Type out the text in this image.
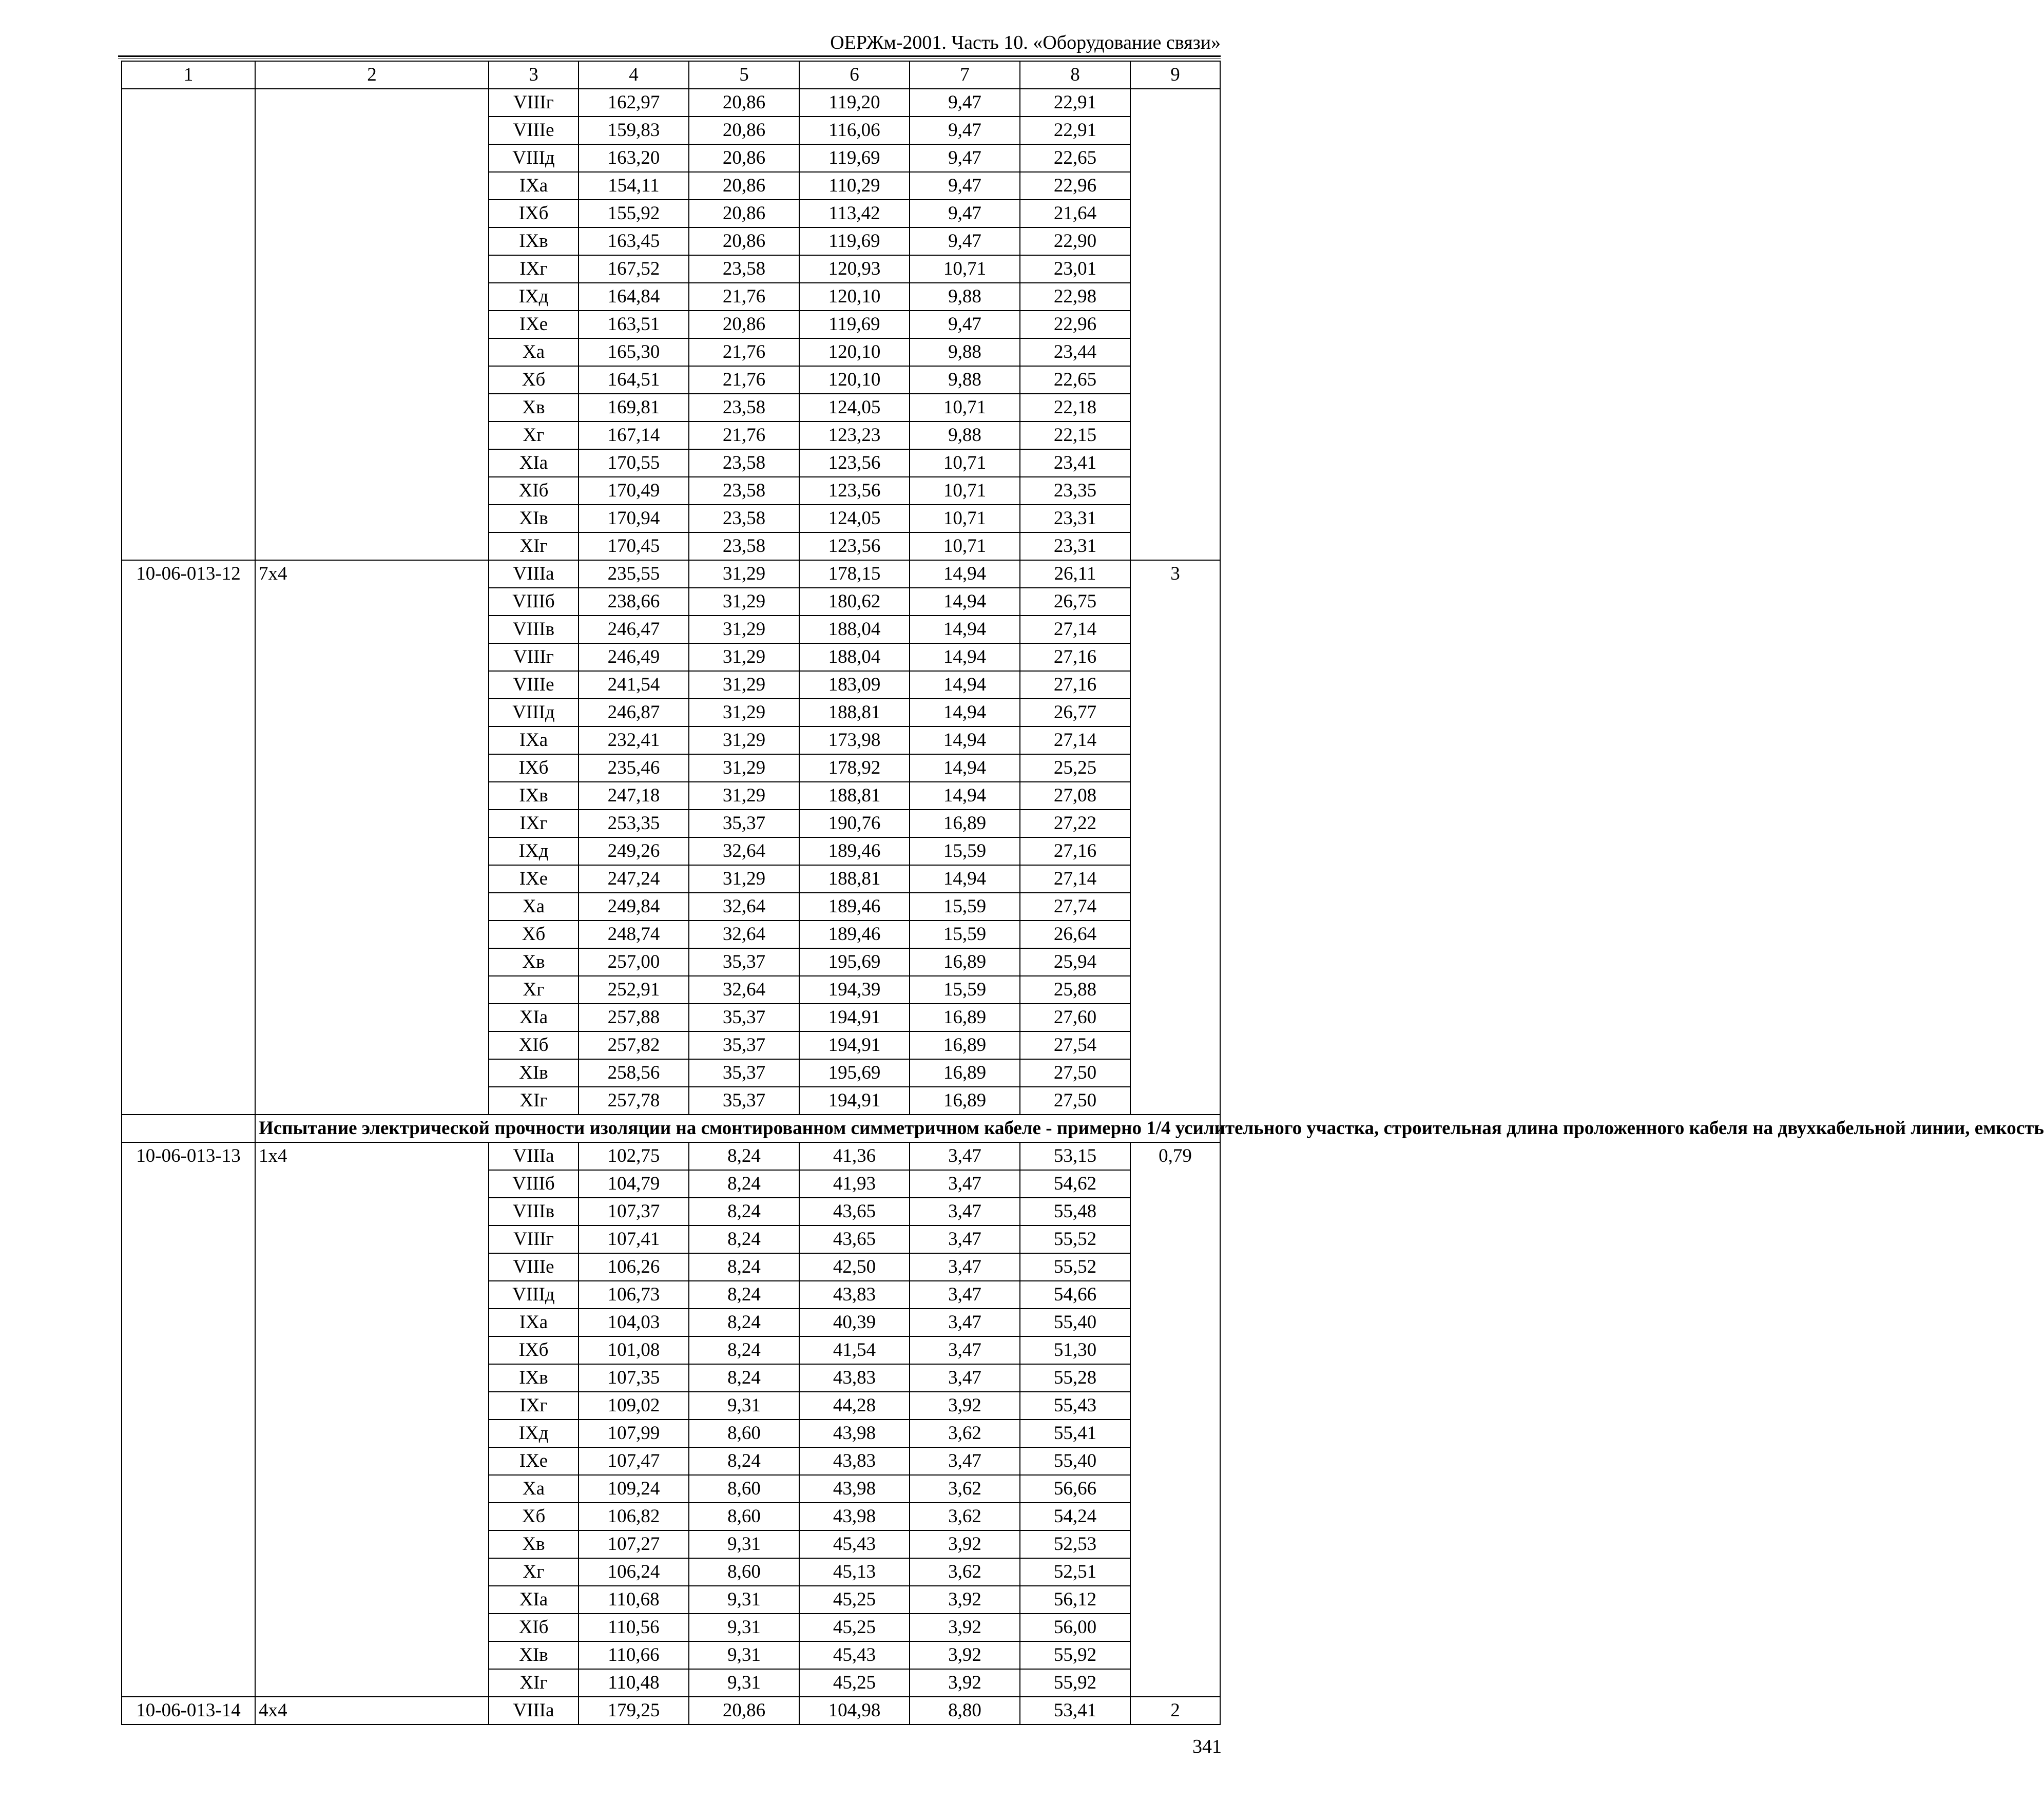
ОЕРЖм-2001. Часть 10. «Оборудование связи»
1	2	3	4	5	6	7	8	9
		VIIIг	162,97	20,86	119,20	9,47	22,91	
		VIIIе	159,83	20,86	116,06	9,47	22,91	
		VIIIд	163,20	20,86	119,69	9,47	22,65	
		IXа	154,11	20,86	110,29	9,47	22,96	
		IXб	155,92	20,86	113,42	9,47	21,64	
		IXв	163,45	20,86	119,69	9,47	22,90	
		IXг	167,52	23,58	120,93	10,71	23,01	
		IXд	164,84	21,76	120,10	9,88	22,98	
		IXе	163,51	20,86	119,69	9,47	22,96	
		Xа	165,30	21,76	120,10	9,88	23,44	
		Xб	164,51	21,76	120,10	9,88	22,65	
		Xв	169,81	23,58	124,05	10,71	22,18	
		Xг	167,14	21,76	123,23	9,88	22,15	
		XIа	170,55	23,58	123,56	10,71	23,41	
		XIб	170,49	23,58	123,56	10,71	23,35	
		XIв	170,94	23,58	124,05	10,71	23,31	
		XIг	170,45	23,58	123,56	10,71	23,31	
10-06-013-12	7х4	VIIIа	235,55	31,29	178,15	14,94	26,11	3
		VIIIб	238,66	31,29	180,62	14,94	26,75	
		VIIIв	246,47	31,29	188,04	14,94	27,14	
		VIIIг	246,49	31,29	188,04	14,94	27,16	
		VIIIе	241,54	31,29	183,09	14,94	27,16	
		VIIIд	246,87	31,29	188,81	14,94	26,77	
		IXа	232,41	31,29	173,98	14,94	27,14	
		IXб	235,46	31,29	178,92	14,94	25,25	
		IXв	247,18	31,29	188,81	14,94	27,08	
		IXг	253,35	35,37	190,76	16,89	27,22	
		IXд	249,26	32,64	189,46	15,59	27,16	
		IXе	247,24	31,29	188,81	14,94	27,14	
		Xа	249,84	32,64	189,46	15,59	27,74	
		Xб	248,74	32,64	189,46	15,59	26,64	
		Xв	257,00	35,37	195,69	16,89	25,94	
		Xг	252,91	32,64	194,39	15,59	25,88	
		XIа	257,88	35,37	194,91	16,89	27,60	
		XIб	257,82	35,37	194,91	16,89	27,54	
		XIв	258,56	35,37	195,69	16,89	27,50	
		XIг	257,78	35,37	194,91	16,89	27,50	
	Испытание электрической прочности изоляции на смонтированном симметричном кабеле - примерно 1/4 усилительного участка, строительная длина проложенного кабеля на двухкабельной линии, емкость							
10-06-013-13	1х4	VIIIа	102,75	8,24	41,36	3,47	53,15	0,79
		VIIIб	104,79	8,24	41,93	3,47	54,62	
		VIIIв	107,37	8,24	43,65	3,47	55,48	
		VIIIг	107,41	8,24	43,65	3,47	55,52	
		VIIIе	106,26	8,24	42,50	3,47	55,52	
		VIIIд	106,73	8,24	43,83	3,47	54,66	
		IXа	104,03	8,24	40,39	3,47	55,40	
		IXб	101,08	8,24	41,54	3,47	51,30	
		IXв	107,35	8,24	43,83	3,47	55,28	
		IXг	109,02	9,31	44,28	3,92	55,43	
		IXд	107,99	8,60	43,98	3,62	55,41	
		IXе	107,47	8,24	43,83	3,47	55,40	
		Xа	109,24	8,60	43,98	3,62	56,66	
		Xб	106,82	8,60	43,98	3,62	54,24	
		Xв	107,27	9,31	45,43	3,92	52,53	
		Xг	106,24	8,60	45,13	3,62	52,51	
		XIа	110,68	9,31	45,25	3,92	56,12	
		XIб	110,56	9,31	45,25	3,92	56,00	
		XIв	110,66	9,31	45,43	3,92	55,92	
		XIг	110,48	9,31	45,25	3,92	55,92	
10-06-013-14	4х4	VIIIа	179,25	20,86	104,98	8,80	53,41	2
341
